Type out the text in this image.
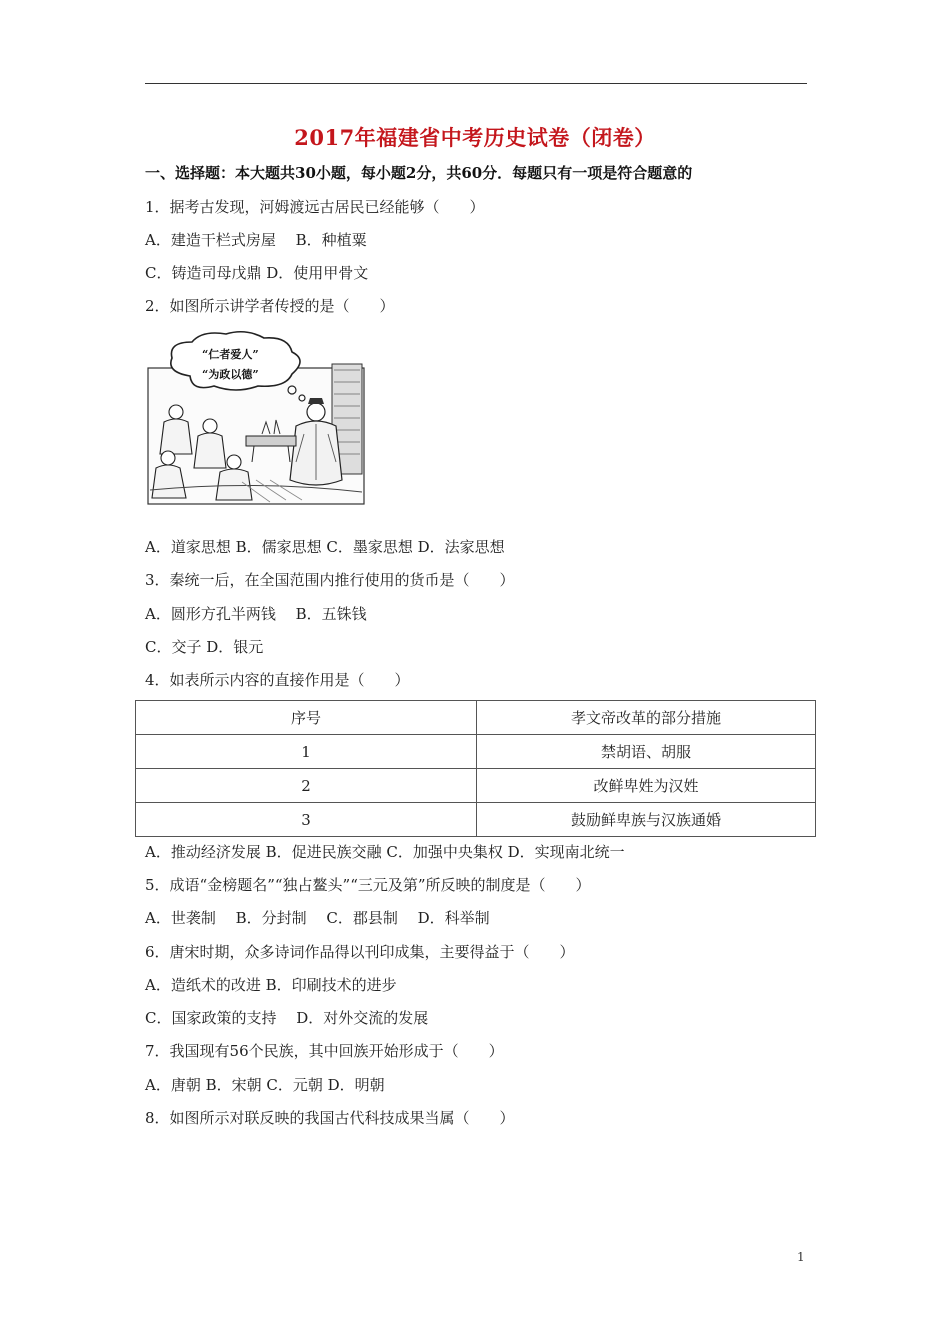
2017年福建省中考历史试卷（闭卷）
一、选择题：本大题共30小题，每小题2分，共60分．每题只有一项是符合题意的
1．据考古发现，河姆渡远古居民已经能够（　　）
A．建造干栏式房屋　 B．种植粟
C．铸造司母戊鼎 D．使用甲骨文
2．如图所示讲学者传授的是（　　）
“仁者爱人”
“为政以德”
A．道家思想 B．儒家思想 C．墨家思想 D．法家思想
3．秦统一后，在全国范围内推行使用的货币是（　　）
A．圆形方孔半两钱　 B．五铢钱
C．交子 D．银元
4．如表所示内容的直接作用是（　　）
序号	孝文帝改革的部分措施
1	禁胡语、胡服
2	改鲜卑姓为汉姓
3	鼓励鲜卑族与汉族通婚
A．推动经济发展 B．促进民族交融 C．加强中央集权 D．实现南北统一
5．成语“金榜题名”“独占鳌头”“三元及第”所反映的制度是（　　）
A．世袭制　 B．分封制　 C．郡县制　 D．科举制
6．唐宋时期，众多诗词作品得以刊印成集，主要得益于（　　）
A．造纸术的改进 B．印刷技术的进步
C．国家政策的支持　 D．对外交流的发展
7．我国现有56个民族，其中回族开始形成于（　　）
A．唐朝 B．宋朝 C．元朝 D．明朝
8．如图所示对联反映的我国古代科技成果当属（　　）
1
